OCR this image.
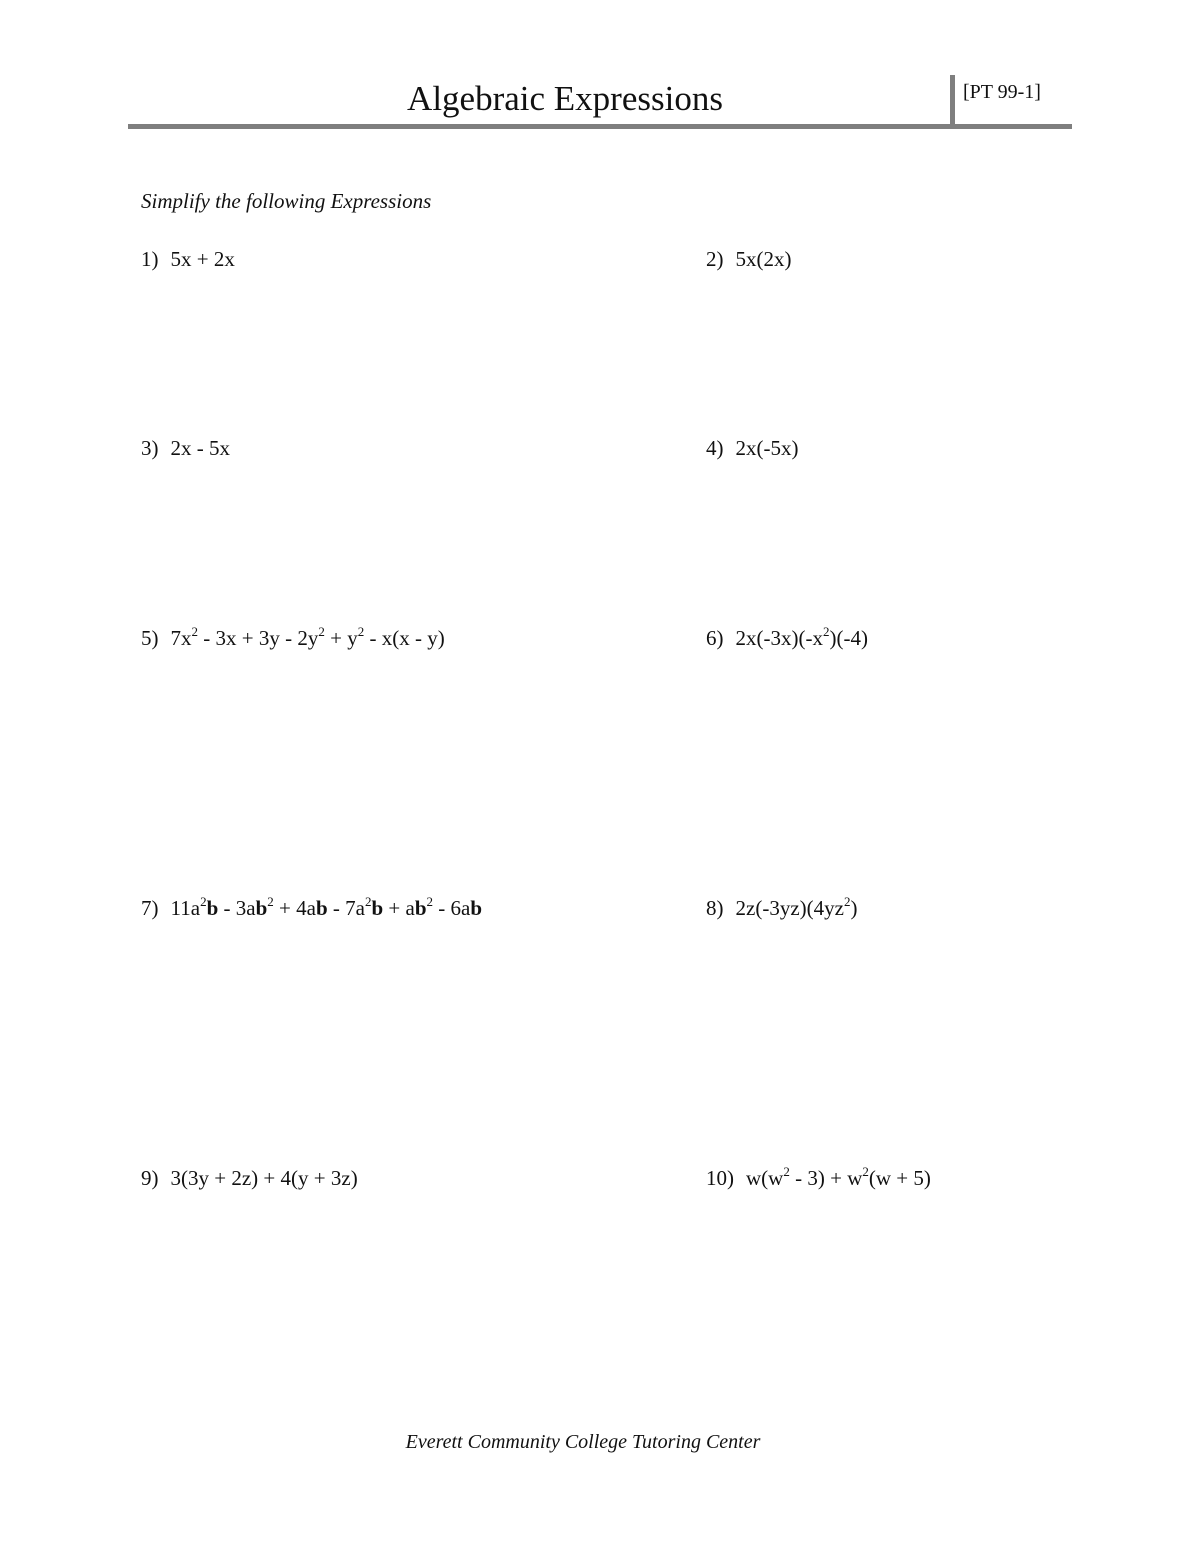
Algebraic Expressions	[PT 99-1]
Simplify the following Expressions
1) 5x + 2x	2) 5x(2x)
3) 2x - 5x	4) 2x(-5x)
5) $7x^2 - 3x + 3y - 2y^2 + y^2 - x(x - y)$	6) $2x(-3x)(-x^2)(-4)$
7) $11a^2b - 3ab^2 + 4ab - 7a^2b + ab^2 - 6ab$	8) $2z(-3yz)(4yz^2)$
9) 3(3y + 2z) + 4(y + 3z)	10) $w(w^2 - 3) + w^2(w + 5)$
Everett Community College Tutoring Center
